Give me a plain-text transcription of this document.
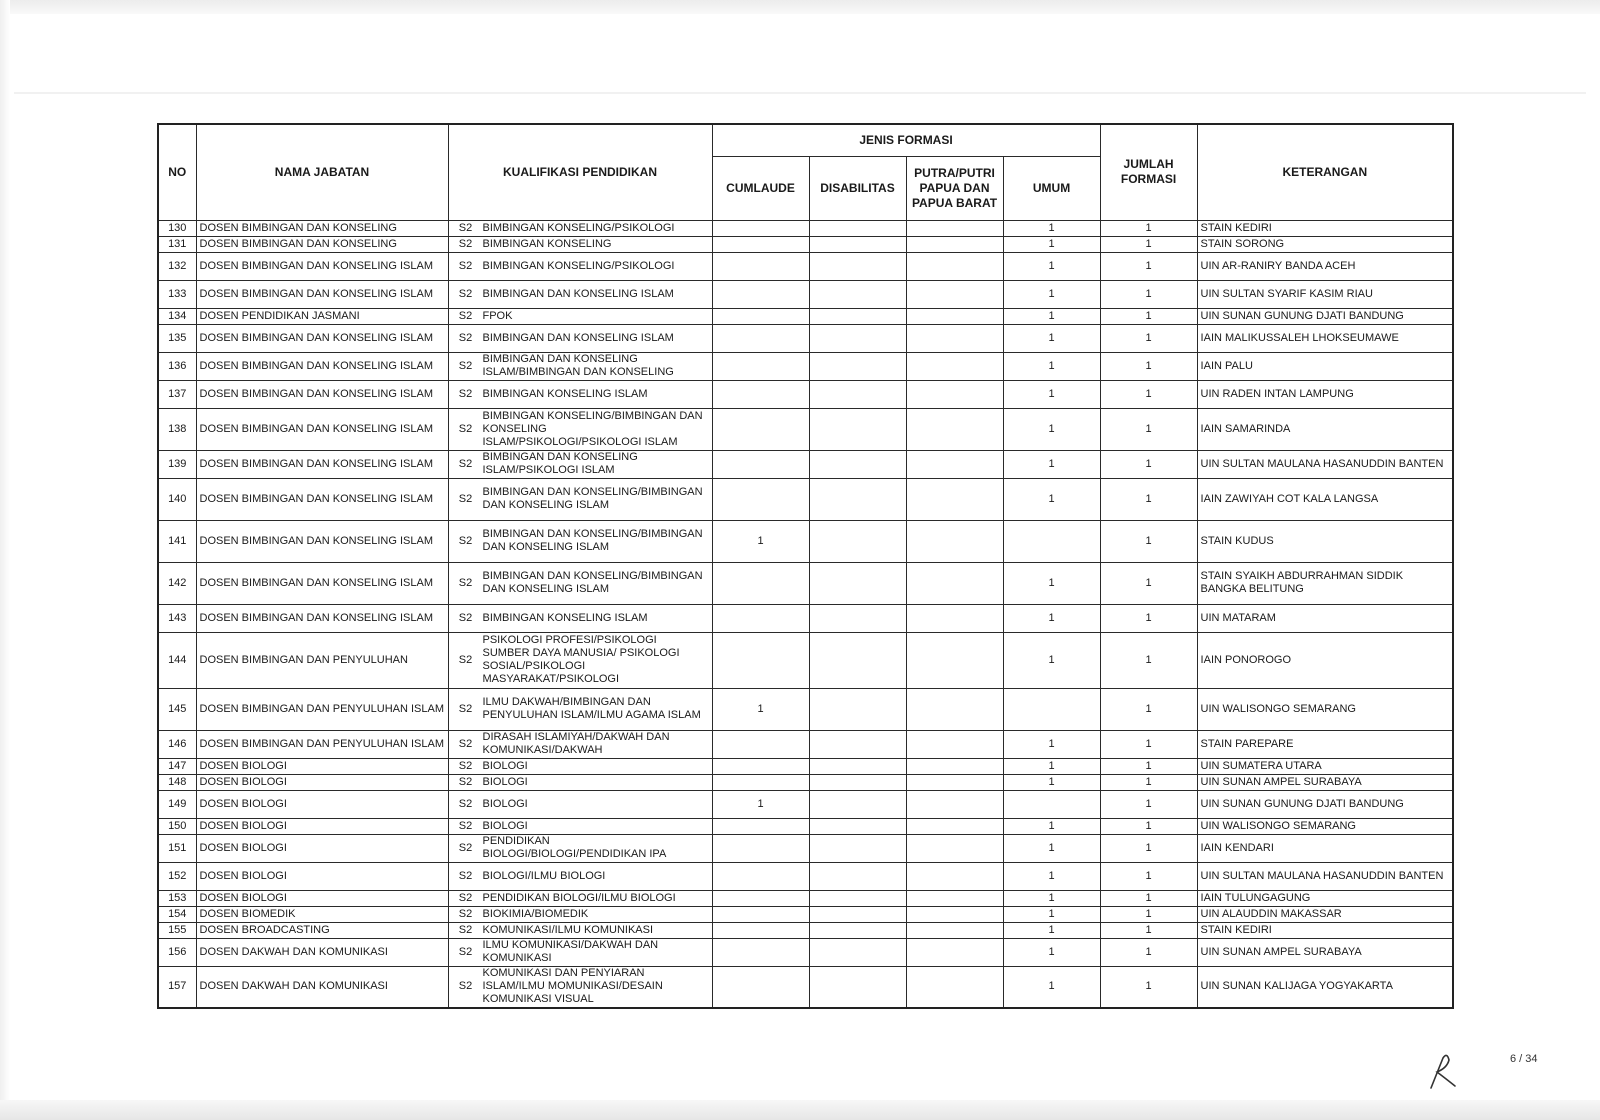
NO	NAMA JABATAN	KUALIFIKASI PENDIDIKAN	JENIS FORMASI				JUMLAH FORMASI	KETERANGAN
			CUMLAUDE	DISABILITAS	PUTRA/PUTRI PAPUA DAN PAPUA BARAT	UMUM		
130	DOSEN BIMBINGAN DAN KONSELING	S2 BIMBINGAN KONSELING/PSIKOLOGI				1	1	STAIN KEDIRI
131	DOSEN BIMBINGAN DAN KONSELING	S2 BIMBINGAN KONSELING				1	1	STAIN SORONG
132	DOSEN BIMBINGAN DAN KONSELING ISLAM	S2 BIMBINGAN KONSELING/PSIKOLOGI				1	1	UIN AR-RANIRY BANDA ACEH
133	DOSEN BIMBINGAN DAN KONSELING ISLAM	S2 BIMBINGAN DAN KONSELING ISLAM				1	1	UIN SULTAN SYARIF KASIM RIAU
134	DOSEN PENDIDIKAN JASMANI	S2 FPOK				1	1	UIN SUNAN GUNUNG DJATI BANDUNG
135	DOSEN BIMBINGAN DAN KONSELING ISLAM	S2 BIMBINGAN DAN KONSELING ISLAM				1	1	IAIN MALIKUSSALEH LHOKSEUMAWE
136	DOSEN BIMBINGAN DAN KONSELING ISLAM	S2
BIMBINGAN DAN KONSELING ISLAM/BIMBINGAN DAN KONSELING				1	1	IAIN PALU
137	DOSEN BIMBINGAN DAN KONSELING ISLAM	S2 BIMBINGAN KONSELING ISLAM				1	1	UIN RADEN INTAN LAMPUNG
138	DOSEN BIMBINGAN DAN KONSELING ISLAM	S2
BIMBINGAN KONSELING/BIMBINGAN DAN KONSELING ISLAM/PSIKOLOGI/PSIKOLOGI ISLAM				1	1	IAIN SAMARINDA
139	DOSEN BIMBINGAN DAN KONSELING ISLAM	S2
BIMBINGAN DAN KONSELING ISLAM/PSIKOLOGI ISLAM				1	1	UIN SULTAN MAULANA HASANUDDIN BANTEN
140	DOSEN BIMBINGAN DAN KONSELING ISLAM	S2
BIMBINGAN DAN KONSELING/BIMBINGAN DAN KONSELING ISLAM				1	1	IAIN ZAWIYAH COT KALA LANGSA
141	DOSEN BIMBINGAN DAN KONSELING ISLAM	S2
BIMBINGAN DAN KONSELING/BIMBINGAN DAN KONSELING ISLAM	1				1	STAIN KUDUS
142	DOSEN BIMBINGAN DAN KONSELING ISLAM	S2
BIMBINGAN DAN KONSELING/BIMBINGAN DAN KONSELING ISLAM				1	1	STAIN SYAIKH ABDURRAHMAN SIDDIK BANGKA BELITUNG
143	DOSEN BIMBINGAN DAN KONSELING ISLAM	S2 BIMBINGAN KONSELING ISLAM				1	1	UIN MATARAM
144	DOSEN BIMBINGAN DAN PENYULUHAN	S2
PSIKOLOGI PROFESI/PSIKOLOGI SUMBER DAYA MANUSIA/ PSIKOLOGI SOSIAL/PSIKOLOGI MASYARAKAT/PSIKOLOGI				1	1	IAIN PONOROGO
145	DOSEN BIMBINGAN DAN PENYULUHAN ISLAM	S2
ILMU DAKWAH/BIMBINGAN DAN PENYULUHAN ISLAM/ILMU AGAMA ISLAM	1				1	UIN WALISONGO SEMARANG
146	DOSEN BIMBINGAN DAN PENYULUHAN ISLAM	S2
DIRASAH ISLAMIYAH/DAKWAH DAN KOMUNIKASI/DAKWAH				1	1	STAIN PAREPARE
147	DOSEN BIOLOGI	S2 BIOLOGI				1	1	UIN SUMATERA UTARA
148	DOSEN BIOLOGI	S2 BIOLOGI				1	1	UIN SUNAN AMPEL SURABAYA
149	DOSEN BIOLOGI	S2 BIOLOGI	1				1	UIN SUNAN GUNUNG DJATI BANDUNG
150	DOSEN BIOLOGI	S2 BIOLOGI				1	1	UIN WALISONGO SEMARANG
151	DOSEN BIOLOGI	S2
PENDIDIKAN BIOLOGI/BIOLOGI/PENDIDIKAN IPA				1	1	IAIN KENDARI
152	DOSEN BIOLOGI	S2 BIOLOGI/ILMU BIOLOGI				1	1	UIN SULTAN MAULANA HASANUDDIN BANTEN
153	DOSEN BIOLOGI	S2 PENDIDIKAN BIOLOGI/ILMU BIOLOGI				1	1	IAIN TULUNGAGUNG
154	DOSEN BIOMEDIK	S2 BIOKIMIA/BIOMEDIK				1	1	UIN ALAUDDIN MAKASSAR
155	DOSEN BROADCASTING	S2 KOMUNIKASI/ILMU KOMUNIKASI				1	1	STAIN KEDIRI
156	DOSEN DAKWAH DAN KOMUNIKASI	S2
ILMU KOMUNIKASI/DAKWAH DAN KOMUNIKASI				1	1	UIN SUNAN AMPEL SURABAYA
157	DOSEN DAKWAH DAN KOMUNIKASI	S2
KOMUNIKASI DAN PENYIARAN ISLAM/ILMU MOMUNIKASI/DESAIN KOMUNIKASI VISUAL				1	1	UIN SUNAN KALIJAGA YOGYAKARTA
6 / 34
